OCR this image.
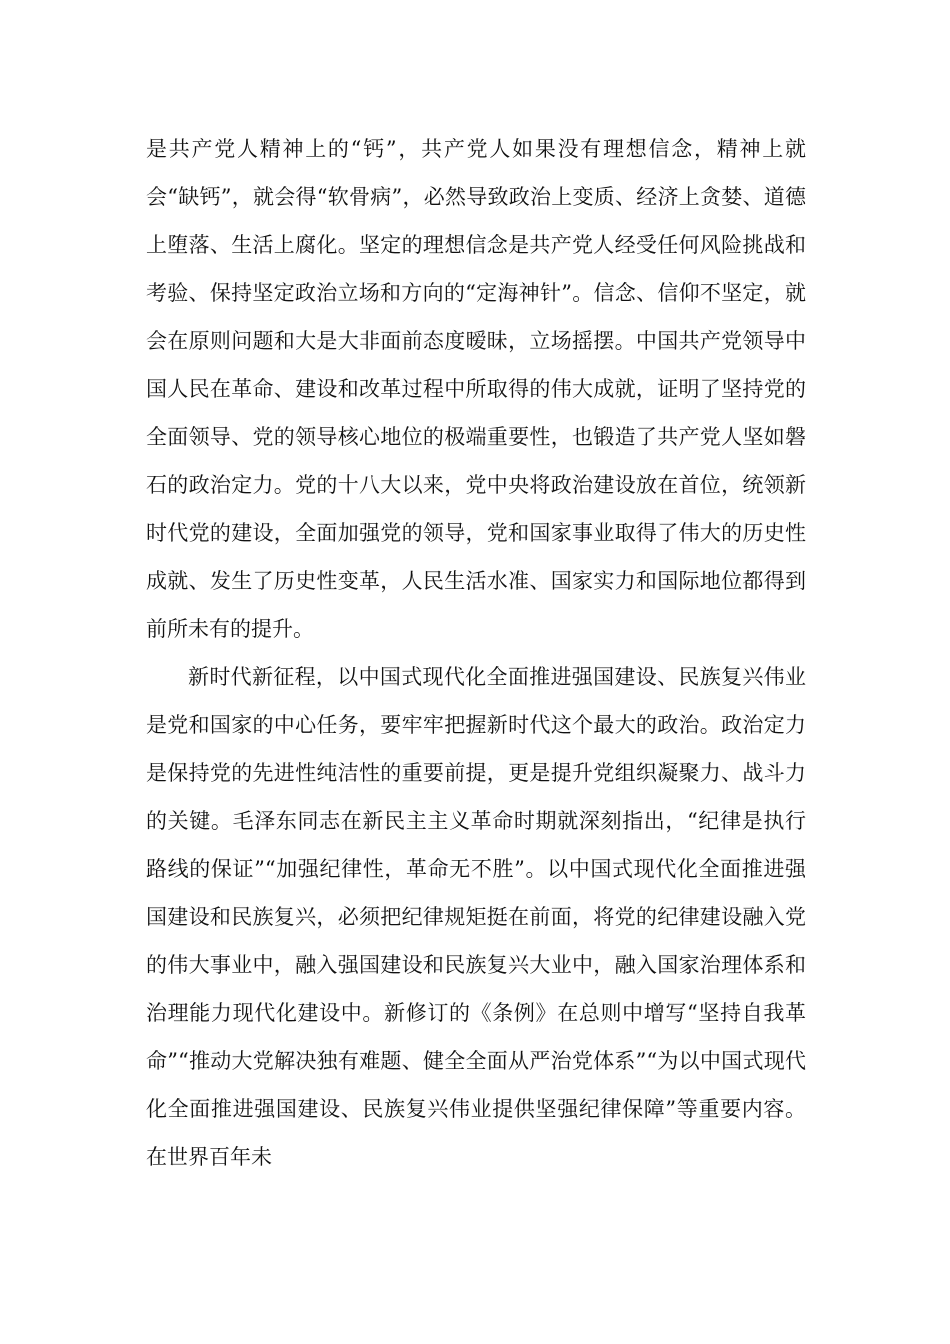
是共产党人精神上的“钙”，共产党人如果没有理想信念，精神上就会“缺钙”，就会得“软骨病”，必然导致政治上变质、经济上贪婪、道德上堕落、生活上腐化。坚定的理想信念是共产党人经受任何风险挑战和考验、保持坚定政治立场和方向的“定海神针”。信念、信仰不坚定，就会在原则问题和大是大非面前态度暧昧，立场摇摆。中国共产党领导中国人民在革命、建设和改革过程中所取得的伟大成就，证明了坚持党的全面领导、党的领导核心地位的极端重要性，也锻造了共产党人坚如磐石的政治定力。党的十八大以来，党中央将政治建设放在首位，统领新时代党的建设，全面加强党的领导，党和国家事业取得了伟大的历史性成就、发生了历史性变革，人民生活水准、国家实力和国际地位都得到前所未有的提升。

新时代新征程，以中国式现代化全面推进强国建设、民族复兴伟业是党和国家的中心任务，要牢牢把握新时代这个最大的政治。政治定力是保持党的先进性纯洁性的重要前提，更是提升党组织凝聚力、战斗力的关键。毛泽东同志在新民主主义革命时期就深刻指出，“纪律是执行路线的保证”“加强纪律性，革命无不胜”。以中国式现代化全面推进强国建设和民族复兴，必须把纪律规矩挺在前面，将党的纪律建设融入党的伟大事业中，融入强国建设和民族复兴大业中，融入国家治理体系和治理能力现代化建设中。新修订的《条例》在总则中增写“坚持自我革命”“推动大党解决独有难题、健全全面从严治党体系”“为以中国式现代化全面推进强国建设、民族复兴伟业提供坚强纪律保障”等重要内容。在世界百年未
